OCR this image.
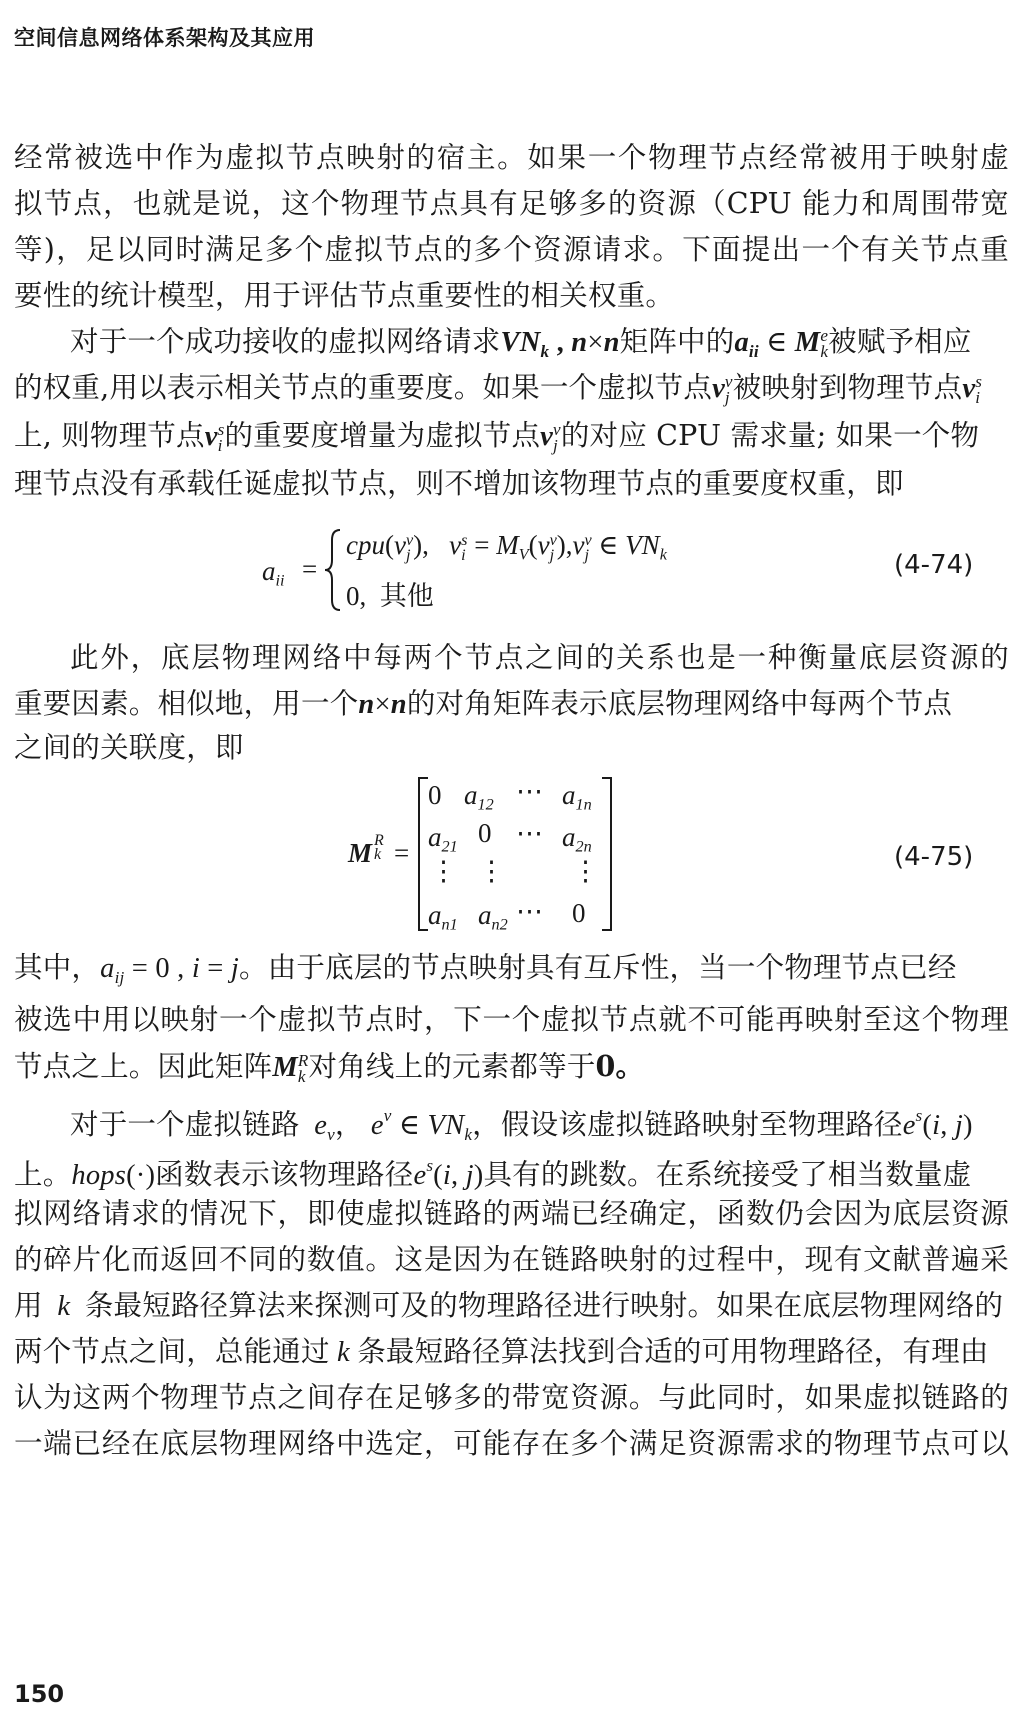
空间信息网络体系架构及其应用
经常被选中作为虚拟节点映射的宿主。如果一个物理节点经常被用于映射虚
拟节点，也就是说，这个物理节点具有足够多的资源（CPU 能力和周围带宽
等)，足以同时满足多个虚拟节点的多个资源请求。下面提出一个有关节点重
要性的统计模型，用于评估节点重要性的相关权重。
对于一个成功接收的虚拟网络请求$VN_k$ , n×n矩阵中的$a_{ii}$ ∈ M e
k 被赋予相应
的权重,用以表示相关节点的重要度。如果一个虚拟节点v v
j 被映射到物理节点v s
i
上, 则物理节点v s
i 的重要度增量为虚拟节点v v
j 的对应 CPU 需求量; 如果一个物
理节点没有承载任诞虚拟节点，则不增加该物理节点的重要度权重，即
$a_{ii}$ =
cpu(v v
j ),   v s
$i = M_V(v$ v
j ),v v
j ∈ $VN_k$
0, 其他
(4-74)
此外，底层物理网络中每两个节点之间的关系也是一种衡量底层资源的
重要因素。相似地，用一个n×n的对角矩阵表示底层物理网络中每两个节点
之间的关联度，即
M R
k =
0 $a_{12}$ ⋯ $a_{1n}$
$a_{21}$ 0 ⋯ $a_{2n}$
⋮ ⋮ ⋮
$a_{n1}$ $a_{n2}$ ⋯ 0
(4-75)
其中，$a_{ij} = 0$ , i = j。由于底层的节点映射具有互斥性，当一个物理节点已经
被选中用以映射一个虚拟节点时，下一个虚拟节点就不可能再映射至这个物理
节点之上。因此矩阵M R
k 对角线上的元素都等于0。
对于一个虚拟链路  $e_v$， $e^v$ ∈ $VN_k$，假设该虚拟链路映射至物理路径$e^s(i$, j)
上。hops(·)函数表示该物理路径$e^s(i$, j)具有的跳数。在系统接受了相当数量虚
拟网络请求的情况下，即使虚拟链路的两端已经确定，函数仍会因为底层资源
的碎片化而返回不同的数值。这是因为在链路映射的过程中，现有文献普遍采
用  k  条最短路径算法来探测可及的物理路径进行映射。如果在底层物理网络的
两个节点之间，总能通过 k 条最短路径算法找到合适的可用物理路径，有理由
认为这两个物理节点之间存在足够多的带宽资源。与此同时，如果虚拟链路的
一端已经在底层物理网络中选定，可能存在多个满足资源需求的物理节点可以
150
